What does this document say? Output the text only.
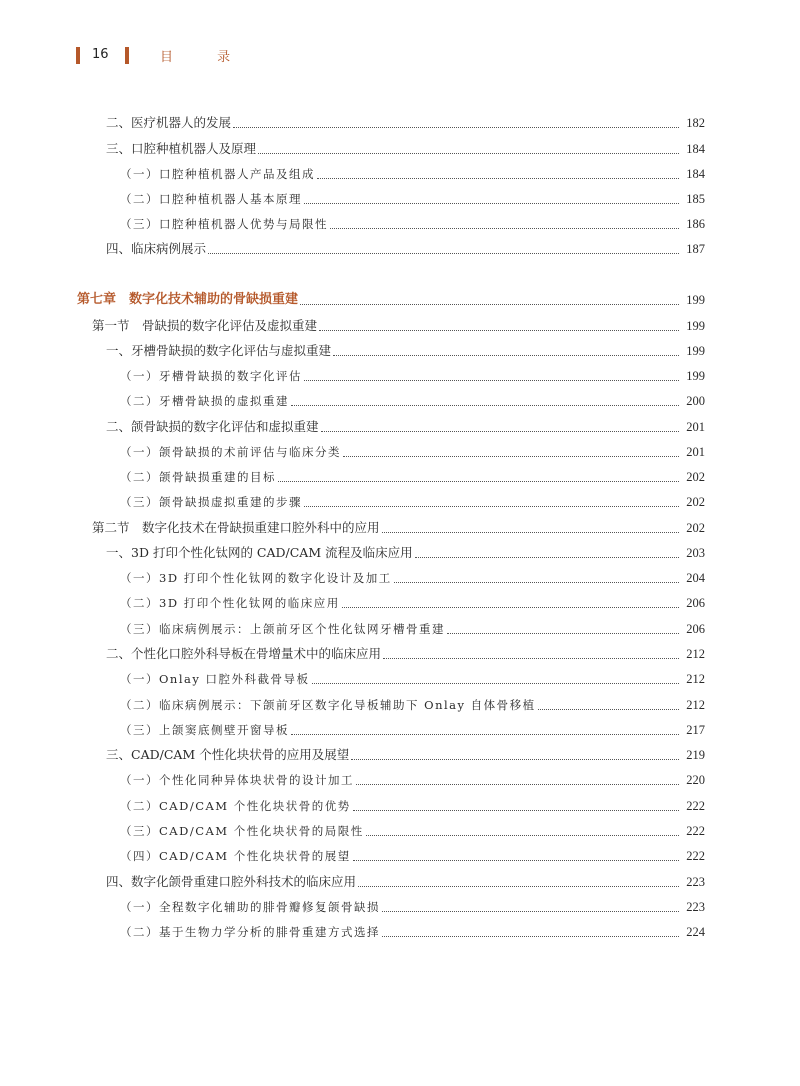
16	目 录
二、医疗机器人的发展	182
三、口腔种植机器人及原理	184
（一）口腔种植机器人产品及组成	184
（二）口腔种植机器人基本原理	185
（三）口腔种植机器人优势与局限性	186
四、临床病例展示	187
第七章　数字化技术辅助的骨缺损重建	199
第一节　骨缺损的数字化评估及虚拟重建	199
一、牙槽骨缺损的数字化评估与虚拟重建	199
（一）牙槽骨缺损的数字化评估	199
（二）牙槽骨缺损的虚拟重建	200
二、颌骨缺损的数字化评估和虚拟重建	201
（一）颌骨缺损的术前评估与临床分类	201
（二）颌骨缺损重建的目标	202
（三）颌骨缺损虚拟重建的步骤	202
第二节　数字化技术在骨缺损重建口腔外科中的应用	202
一、3D 打印个性化钛网的 CAD/CAM 流程及临床应用	203
（一）3D 打印个性化钛网的数字化设计及加工	204
（二）3D 打印个性化钛网的临床应用	206
（三）临床病例展示：上颌前牙区个性化钛网牙槽骨重建	206
二、个性化口腔外科导板在骨增量术中的临床应用	212
（一）Onlay 口腔外科截骨导板	212
（二）临床病例展示：下颌前牙区数字化导板辅助下 Onlay 自体骨移植	212
（三）上颌窦底侧壁开窗导板	217
三、CAD/CAM 个性化块状骨的应用及展望	219
（一）个性化同种异体块状骨的设计加工	220
（二）CAD/CAM 个性化块状骨的优势	222
（三）CAD/CAM 个性化块状骨的局限性	222
（四）CAD/CAM 个性化块状骨的展望	222
四、数字化颌骨重建口腔外科技术的临床应用	223
（一）全程数字化辅助的腓骨瓣修复颌骨缺损	223
（二）基于生物力学分析的腓骨重建方式选择	224
